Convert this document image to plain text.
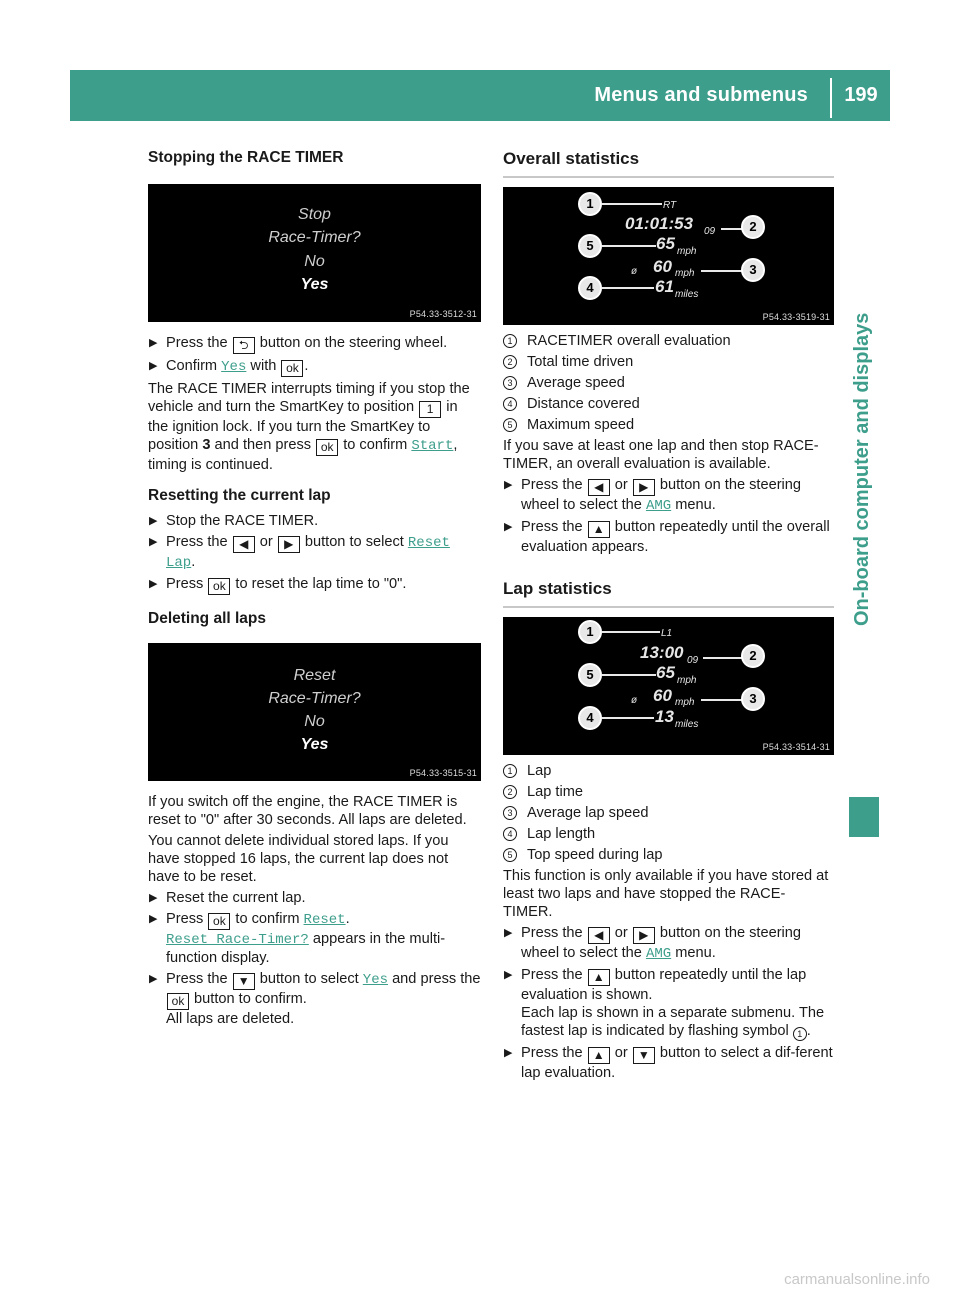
Menus and submenus	199
On-board computer and displays
Stopping the RACE TIMER
Stop
Race-Timer?
No
Yes
P54.33-3512-31
▶ Press the ⮌ button on the steering wheel.
▶ Confirm Yes with ok .

The RACE TIMER interrupts timing if you stop the vehicle and turn the SmartKey to position 1 in the ignition lock. If you turn the SmartKey to position 3 and then press ok to confirm Start, timing is continued.

Resetting the current lap
▶ Stop the RACE TIMER.
▶ Press the ◀ or ▶ button to select Reset Lap.
▶ Press ok to reset the lap time to "0".
Deleting all laps
Reset
Race-Timer?
No
Yes
P54.33-3515-31

If you switch off the engine, the RACE TIMER is reset to "0" after 30 seconds. All laps are deleted.

You cannot delete individual stored laps. If you have stopped 16 laps, the current lap does not have to be reset.

▶ Reset the current lap.
▶ Press ok to confirm Reset.
Reset Race-Timer? appears in the multi-function display.
▶ Press the ▼ button to select Yes and press the ok button to confirm.
All laps are deleted.
Overall statistics
1	RT
01:01:53 09	2
5	65 mph
ø 60 mph	3
4	61 miles
P54.33-3519-31
1 RACETIMER overall evaluation
2 Total time driven
3 Average speed
4 Distance covered
5 Maximum speed

If you save at least one lap and then stop RACE-TIMER, an overall evaluation is available.

▶ Press the ◀ or ▶ button on the steering wheel to select the AMG menu.
▶ Press the ▲ button repeatedly until the overall evaluation appears.
Lap statistics
1	L1
13:00 09	2
5	65 mph
ø 60 mph	3
4	13 miles
P54.33-3514-31
1 Lap
2 Lap time
3 Average lap speed
4 Lap length
5 Top speed during lap

This function is only available if you have stored at least two laps and have stopped the RACE-TIMER.

▶ Press the ◀ or ▶ button on the steering wheel to select the AMG menu.
▶ Press the ▲ button repeatedly until the lap evaluation is shown.
Each lap is shown in a separate submenu. The fastest lap is indicated by flashing symbol 1 .
▶ Press the ▲ or ▼ button to select a dif-ferent lap evaluation.
carmanualsonline.info
